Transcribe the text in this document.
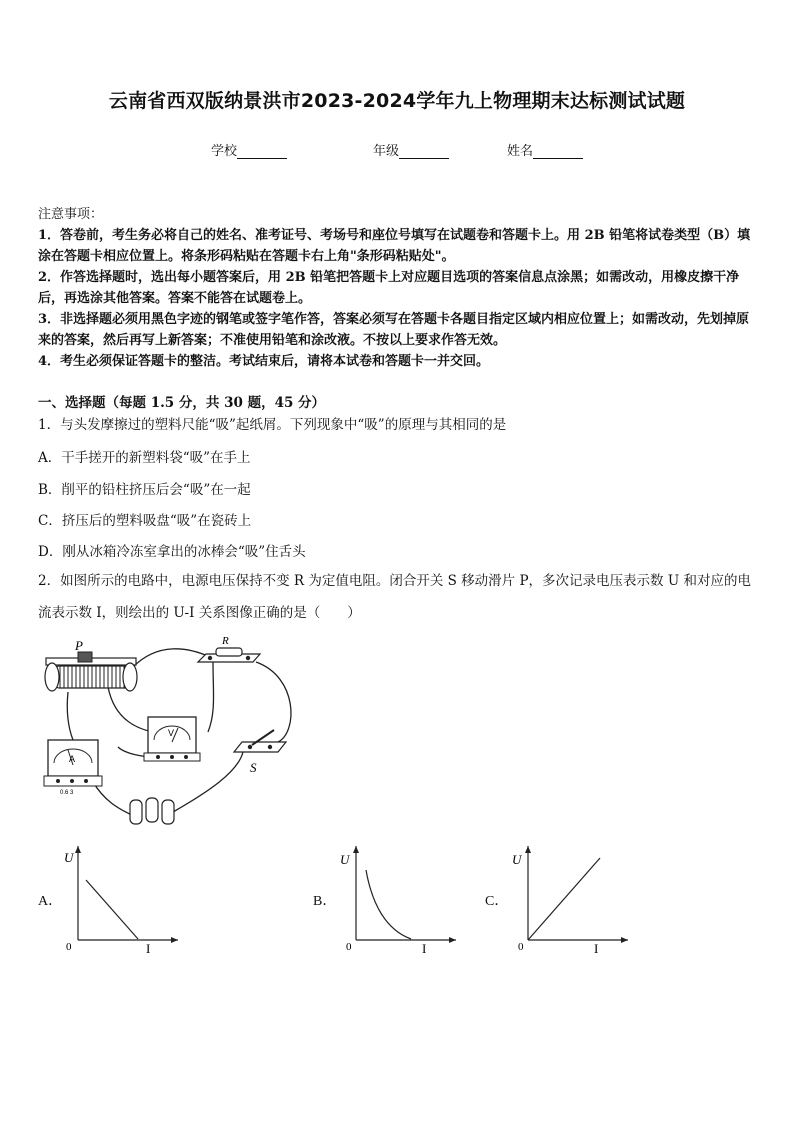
云南省西双版纳景洪市2023-2024学年九上物理期末达标测试试题
学校	年级	姓名

注意事项：

1．答卷前，考生务必将自己的姓名、准考证号、考场号和座位号填写在试题卷和答题卡上。用 2B 铅笔将试卷类型（B）填涂在答题卡相应位置上。将条形码粘贴在答题卡右上角"条形码粘贴处"。

2．作答选择题时，选出每小题答案后，用 2B 铅笔把答题卡上对应题目选项的答案信息点涂黑；如需改动，用橡皮擦干净后，再选涂其他答案。答案不能答在试题卷上。

3．非选择题必须用黑色字迹的钢笔或签字笔作答，答案必须写在答题卡各题目指定区域内相应位置上；如需改动，先划掉原来的答案，然后再写上新答案；不准使用铅笔和涂改液。不按以上要求作答无效。

4．考生必须保证答题卡的整洁。考试结束后，请将本试卷和答题卡一并交回。

一、选择题（每题 1.5 分，共 30 题，45 分）
1．与头发摩擦过的塑料尺能“吸”起纸屑。下列现象中“吸”的原理与其相同的是
A．干手搓开的新塑料袋“吸”在手上
B．削平的铅柱挤压后会“吸”在一起
C．挤压后的塑料吸盘“吸”在瓷砖上
D．刚从冰箱冷冻室拿出的冰棒会“吸”住舌头

2．如图所示的电路中，电源电压保持不变 R 为定值电阻。闭合开关 S 移动滑片 P，多次记录电压表示数 U 和对应的电

流表示数 I，则绘出的 U-I 关系图像正确的是（　　）

P	R
V
S
A
0.6 3
A．
U
0	I
B．
U
0	I
C．
U
0	I
